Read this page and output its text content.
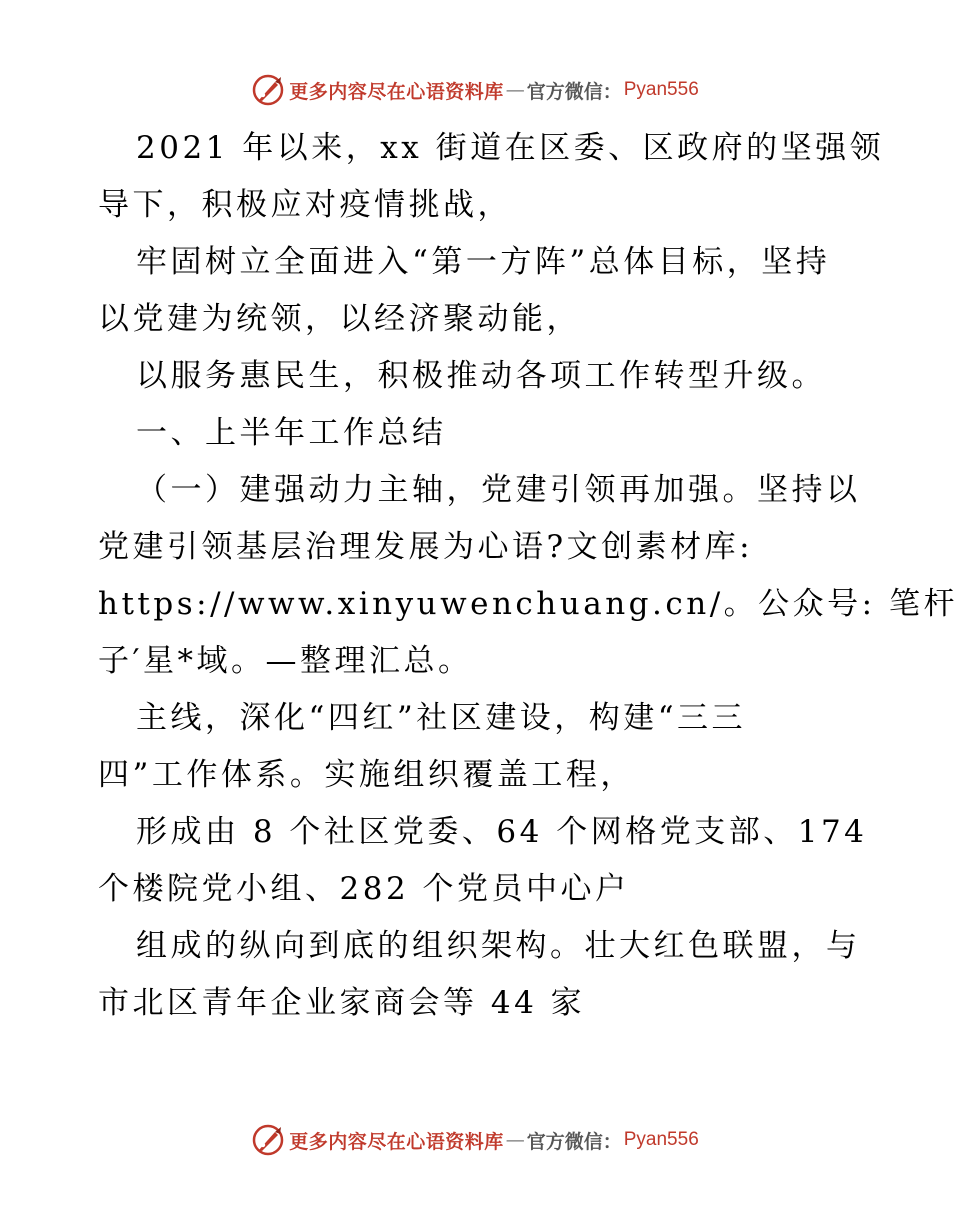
更多内容尽在心语资料库 — 官方微信： Pyan556
2021 年以来，xx 街道在区委、区政府的坚强领
导下，积极应对疫情挑战，
牢固树立全面进入“第一方阵”总体目标，坚持
以党建为统领，以经济聚动能，
以服务惠民生，积极推动各项工作转型升级。
一、上半年工作总结
（一）建强动力主轴，党建引领再加强。坚持以
党建引领基层治理发展为心语?文创素材库:
https://www.xinyuwenchuang.cn/。公众号: 笔杆
子′星*域。—整理汇总。
主线，深化“四红”社区建设，构建“三三
四”工作体系。实施组织覆盖工程，
形成由 8 个社区党委、64 个网格党支部、174
个楼院党小组、282 个党员中心户
组成的纵向到底的组织架构。壮大红色联盟，与
市北区青年企业家商会等 44 家
更多内容尽在心语资料库 — 官方微信： Pyan556
